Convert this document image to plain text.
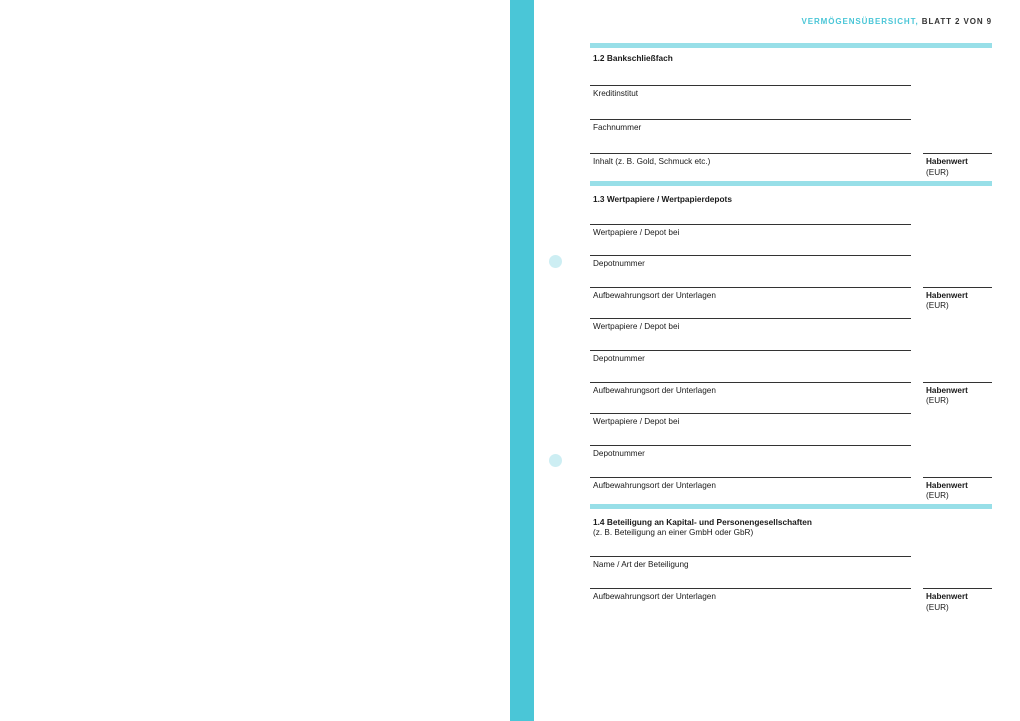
VERMÖGENSÜBERSICHT, BLATT 2 VON 9
1.2 Bankschließfach
Kreditinstitut
Fachnummer
Inhalt (z. B. Gold, Schmuck etc.)	Habenwert
(EUR)
1.3 Wertpapiere / Wertpapierdepots
Wertpapiere / Depot bei
Depotnummer
Aufbewahrungsort der Unterlagen	Habenwert
(EUR)
Wertpapiere / Depot bei
Depotnummer
Aufbewahrungsort der Unterlagen	Habenwert
(EUR)
Wertpapiere / Depot bei
Depotnummer
Aufbewahrungsort der Unterlagen	Habenwert
(EUR)
1.4 Beteiligung an Kapital- und Personengesellschaften
(z. B. Beteiligung an einer GmbH oder GbR)
Name / Art der Beteiligung
Aufbewahrungsort der Unterlagen	Habenwert
(EUR)
